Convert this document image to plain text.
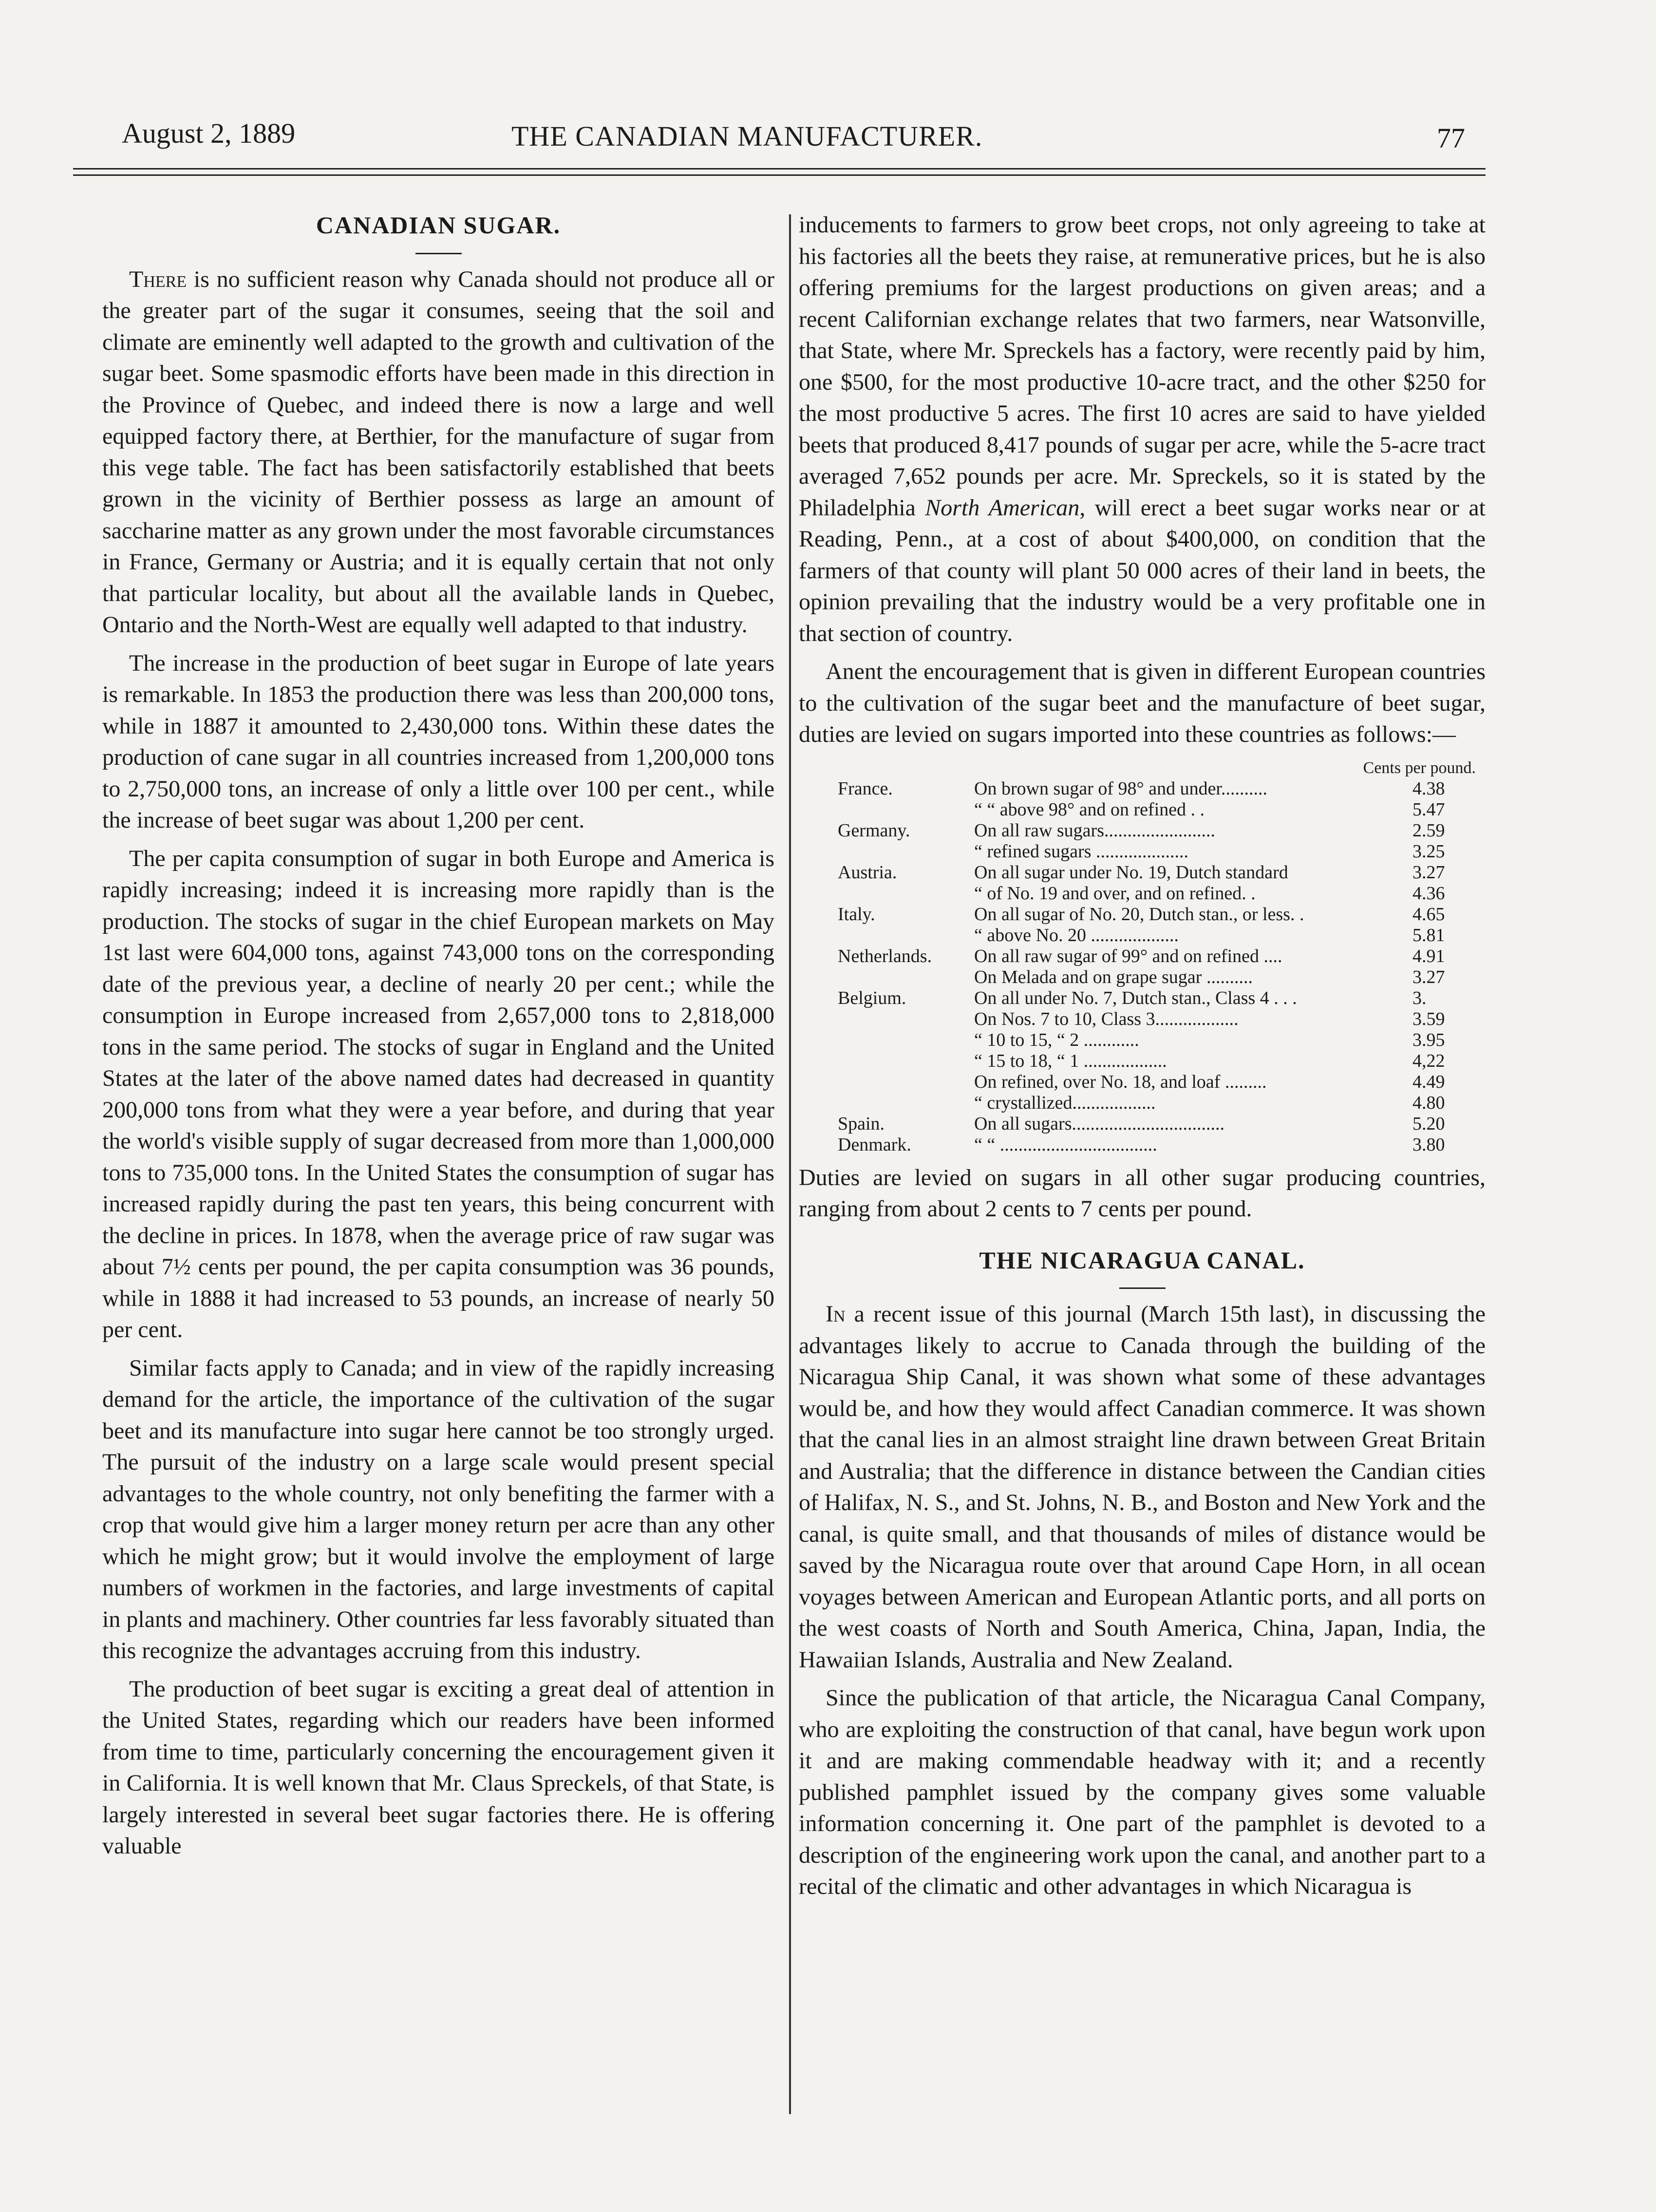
August 2, 1889	THE CANADIAN MANUFACTURER.	77
CANADIAN SUGAR.

There is no sufficient reason why Canada should not produce all or the greater part of the sugar it consumes, seeing that the soil and climate are eminently well adapted to the growth and cultivation of the sugar beet. Some spasmodic efforts have been made in this direction in the Province of Quebec, and indeed there is now a large and well equipped factory there, at Berthier, for the manufacture of sugar from this vege table. The fact has been satisfactorily established that beets grown in the vicinity of Berthier possess as large an amount of saccharine matter as any grown under the most favorable circumstances in France, Germany or Austria; and it is equally certain that not only that particular locality, but about all the available lands in Quebec, Ontario and the North-West are equally well adapted to that industry.

The increase in the production of beet sugar in Europe of late years is remarkable. In 1853 the production there was less than 200,000 tons, while in 1887 it amounted to 2,430,000 tons. Within these dates the production of cane sugar in all countries increased from 1,200,000 tons to 2,750,000 tons, an increase of only a little over 100 per cent., while the increase of beet sugar was about 1,200 per cent.

The per capita consumption of sugar in both Europe and America is rapidly increasing; indeed it is increasing more rapidly than is the production. The stocks of sugar in the chief European markets on May 1st last were 604,000 tons, against 743,000 tons on the corresponding date of the previous year, a decline of nearly 20 per cent.; while the consumption in Europe increased from 2,657,000 tons to 2,818,000 tons in the same period. The stocks of sugar in England and the United States at the later of the above named dates had decreased in quantity 200,000 tons from what they were a year before, and during that year the world's visible supply of sugar decreased from more than 1,000,000 tons to 735,000 tons. In the United States the consumption of sugar has increased rapidly during the past ten years, this being concurrent with the decline in prices. In 1878, when the average price of raw sugar was about 7½ cents per pound, the per capita consumption was 36 pounds, while in 1888 it had increased to 53 pounds, an increase of nearly 50 per cent.

Similar facts apply to Canada; and in view of the rapidly increasing demand for the article, the importance of the cultivation of the sugar beet and its manufacture into sugar here cannot be too strongly urged. The pursuit of the industry on a large scale would present special advantages to the whole country, not only benefiting the farmer with a crop that would give him a larger money return per acre than any other which he might grow; but it would involve the employment of large numbers of workmen in the factories, and large investments of capital in plants and machinery. Other countries far less favorably situated than this recognize the advantages accruing from this industry.

The production of beet sugar is exciting a great deal of attention in the United States, regarding which our readers have been informed from time to time, particularly concerning the encouragement given it in California. It is well known that Mr. Claus Spreckels, of that State, is largely interested in several beet sugar factories there. He is offering valuable

inducements to farmers to grow beet crops, not only agreeing to take at his factories all the beets they raise, at remunerative prices, but he is also offering premiums for the largest productions on given areas; and a recent Californian exchange relates that two farmers, near Watsonville, that State, where Mr. Spreckels has a factory, were recently paid by him, one $500, for the most productive 10-acre tract, and the other $250 for the most productive 5 acres. The first 10 acres are said to have yielded beets that produced 8,417 pounds of sugar per acre, while the 5-acre tract averaged 7,652 pounds per acre. Mr. Spreckels, so it is stated by the Philadelphia North American, will erect a beet sugar works near or at Reading, Penn., at a cost of about $400,000, on condition that the farmers of that county will plant 50 000 acres of their land in beets, the opinion prevailing that the industry would be a very profitable one in that section of country.

Anent the encouragement that is given in different European countries to the cultivation of the sugar beet and the manufacture of beet sugar, duties are levied on sugars imported into these countries as follows:—

Cents per pound.
France.	On brown sugar of 98° and under..........	4.38
“ “ above 98° and on refined . .	5.47
Germany.	On all raw sugars........................	2.59
“ refined sugars ....................	3.25
Austria.	On all sugar under No. 19, Dutch standard	3.27
“ of No. 19 and over, and on refined. .	4.36
Italy.	On all sugar of No. 20, Dutch stan., or less. .	4.65
“ above No. 20 ...................	5.81
Netherlands.	On all raw sugar of 99° and on refined ....	4.91
On Melada and on grape sugar ..........	3.27
Belgium.	On all under No. 7, Dutch stan., Class 4 . . .	3.
On Nos. 7 to 10, Class 3..................	3.59
“ 10 to 15, “ 2 ............	3.95
“ 15 to 18, “ 1 ..................	4,22
On refined, over No. 18, and loaf .........	4.49
“ crystallized..................	4.80
Spain.	On all sugars.................................	5.20
Denmark.	“ “ ..................................	3.80

Duties are levied on sugars in all other sugar producing countries, ranging from about 2 cents to 7 cents per pound.

THE NICARAGUA CANAL.

In a recent issue of this journal (March 15th last), in discussing the advantages likely to accrue to Canada through the building of the Nicaragua Ship Canal, it was shown what some of these advantages would be, and how they would affect Canadian commerce. It was shown that the canal lies in an almost straight line drawn between Great Britain and Australia; that the difference in distance between the Candian cities of Halifax, N. S., and St. Johns, N. B., and Boston and New York and the canal, is quite small, and that thousands of miles of distance would be saved by the Nicaragua route over that around Cape Horn, in all ocean voyages between American and European Atlantic ports, and all ports on the west coasts of North and South America, China, Japan, India, the Hawaiian Islands, Australia and New Zealand.

Since the publication of that article, the Nicaragua Canal Company, who are exploiting the construction of that canal, have begun work upon it and are making commendable headway with it; and a recently published pamphlet issued by the company gives some valuable information concerning it. One part of the pamphlet is devoted to a description of the engineering work upon the canal, and another part to a recital of the climatic and other advantages in which Nicaragua is
